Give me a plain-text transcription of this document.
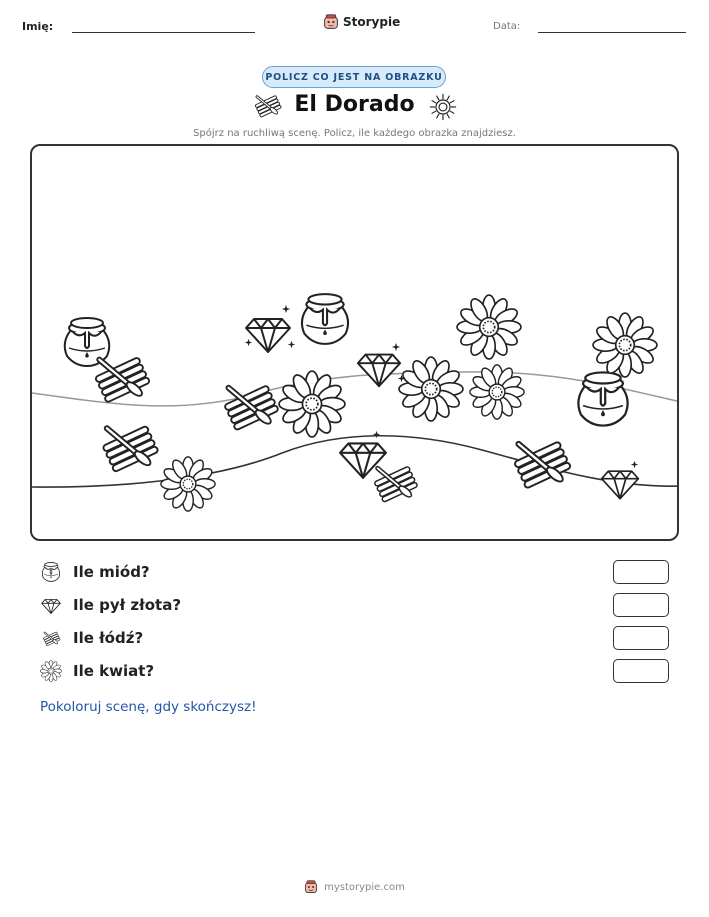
Imię:	Storypie	Data:
POLICZ CO JEST NA OBRAZKU
El Dorado
Spójrz na ruchliwą scenę. Policz, ile każdego obrazka znajdziesz.
Ile miód?
Ile pył złota?
Ile łódź?
Ile kwiat?
Pokoloruj scenę, gdy skończysz!
mystorypie.com
